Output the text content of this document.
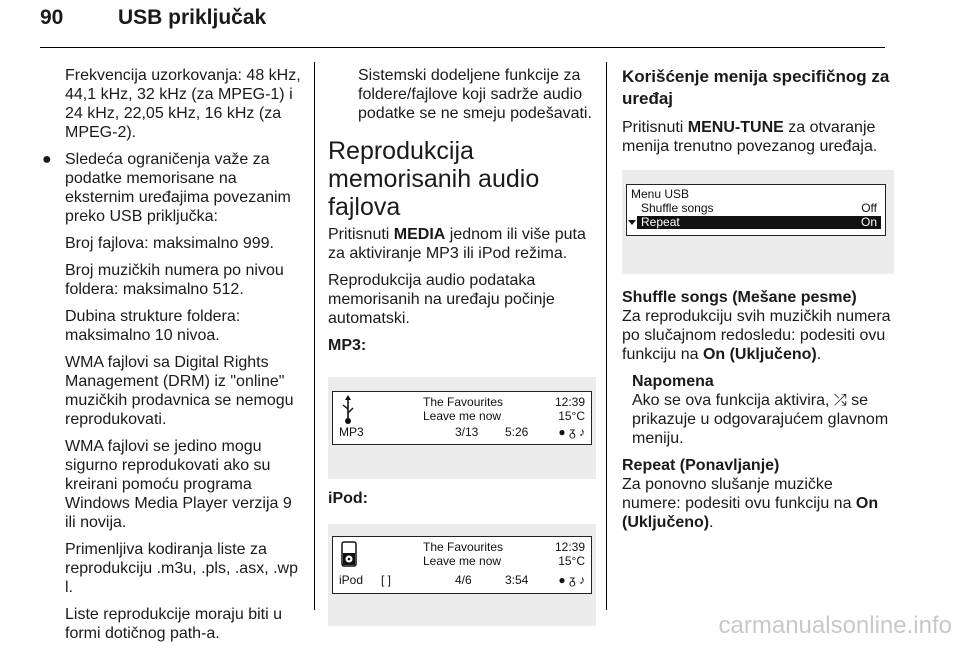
90	USB priključak

Frekvencija uzorkovanja: 48 kHz, 44,1 kHz, 32 kHz (za MPEG-1) i 24 kHz, 22,05 kHz, 16 kHz (za MPEG-2).

● Sledeća ograničenja važe za podatke memorisane na eksternim uređajima povezanim preko USB priključka:

Broj fajlova: maksimalno 999.

Broj muzičkih numera po nivou foldera: maksimalno 512.

Dubina strukture foldera: maksimalno 10 nivoa.

WMA fajlovi sa Digital Rights Management (DRM) iz "online" muzičkih prodavnica se nemogu reprodukovati.

WMA fajlovi se jedino mogu sigurno reprodukovati ako su kreirani pomoću programa Windows Media Player verzija 9 ili novija.

Primenljiva kodiranja liste za reprodukciju .m3u, .pls, .asx, .wp l.

Liste reprodukcije moraju biti u formi dotičnog path-a.

Sistemski dodeljene funkcije za foldere/fajlove koji sadrže audio podatke se ne smeju podešavati.

Reprodukcija memorisanih audio fajlova

Pritisnuti MEDIA jednom ili više puta za aktiviranje MP3 ili iPod režima.

Reprodukcija audio podataka memorisanih na uređaju počinje automatski.

MP3:

The Favourites
Leave me now
12:39
15°C
MP3	3/13 5:26	● ᵹ ♪

iPod:

The Favourites
Leave me now
12:39
15°C
iPod [ ]	4/6	3:54	● ᵹ ♪
Korišćenje menija specifičnog za uređaj

Pritisnuti MENU-TUNE za otvaranje menija trenutno povezanog uređaja.

Menu USB
Shuffle songs	Off
Repeat	On

Shuffle songs (Mešane pesme)

Za reprodukciju svih muzičkih numera po slučajnom redosledu: podesiti ovu funkciju na On (Uključeno).

Napomena

Ako se ova funkcija aktivira, ⤮ se prikazuje u odgovarajućem glavnom meniju.

Repeat (Ponavljanje)

Za ponovno slušanje muzičke numere: podesiti ovu funkciju na On (Uključeno).

carmanualsonline.info
